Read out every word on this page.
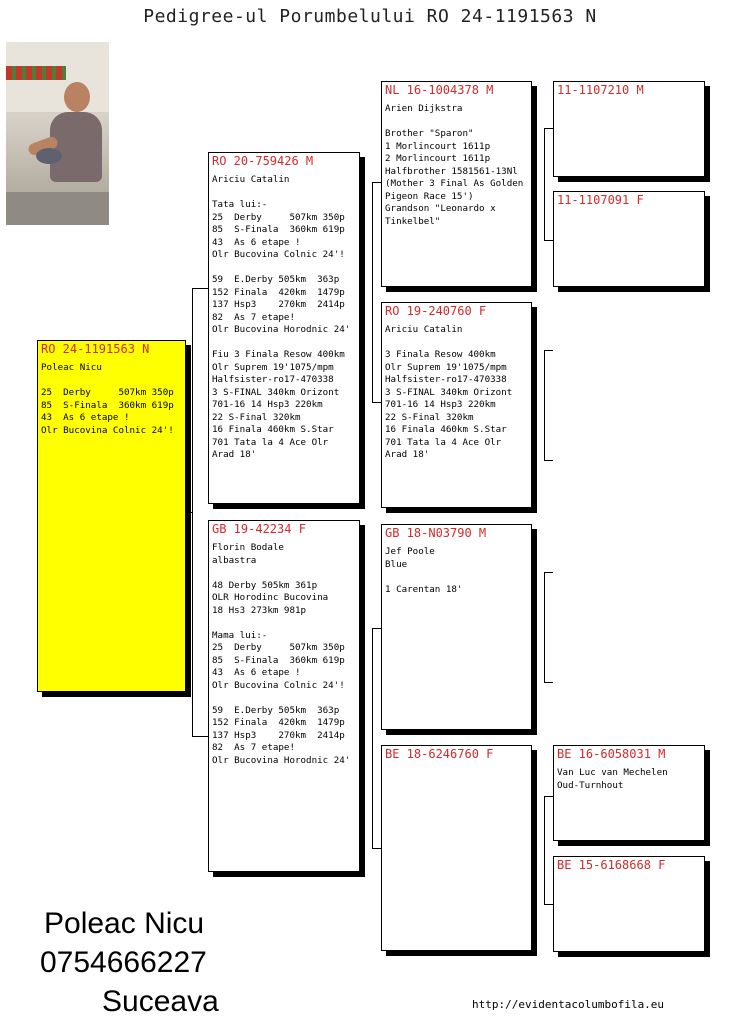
Pedigree-ul Porumbelului RO 24-1191563 N
RO 24-1191563 N
Poleac Nicu

25  Derby     507km 350p
85  S-Finala  360km 619p
43  As 6 etape !
Olr Bucovina Colnic 24'!
RO 20-759426 M
Ariciu Catalin

Tata lui:-
25  Derby     507km 350p
85  S-Finala  360km 619p
43  As 6 etape !
Olr Bucovina Colnic 24'!

59  E.Derby 505km  363p
152 Finala  420km  1479p
137 Hsp3    270km  2414p
82  As 7 etape!
Olr Bucovina Horodnic 24'

Fiu 3 Finala Resow 400km
Olr Suprem 19'1075/mpm
Halfsister-ro17-470338
3 S-FINAL 340km Orizont
701-16 14 Hsp3 220km
22 S-Final 320km
16 Finala 460km S.Star
701 Tata la 4 Ace Olr
Arad 18'
GB 19-42234 F
Florin Bodale
albastra

48 Derby 505km 361p
OLR Horodinc Bucovina
18 Hs3 273km 981p

Mama lui:-
25  Derby     507km 350p
85  S-Finala  360km 619p
43  As 6 etape !
Olr Bucovina Colnic 24'!

59  E.Derby 505km  363p
152 Finala  420km  1479p
137 Hsp3    270km  2414p
82  As 7 etape!
Olr Bucovina Horodnic 24'
NL 16-1004378 M
Arien Dijkstra

Brother "Sparon"
1 Morlincourt 1611p
2 Morlincourt 1611p
Halfbrother 1581561-13Nl
(Mother 3 Final As Golden
Pigeon Race 15')
Grandson "Leonardo x
Tinkelbel"
RO 19-240760 F
Ariciu Catalin

3 Finala Resow 400km
Olr Suprem 19'1075/mpm
Halfsister-ro17-470338
3 S-FINAL 340km Orizont
701-16 14 Hsp3 220km
22 S-Final 320km
16 Finala 460km S.Star
701 Tata la 4 Ace Olr
Arad 18'
GB 18-N03790 M
Jef Poole
Blue

1 Carentan 18'
BE 18-6246760 F
11-1107210 M
11-1107091 F
BE 16-6058031 M
Van Luc van Mechelen
Oud-Turnhout
BE 15-6168668 F
Poleac Nicu
0754666227
Suceava	http://evidentacolumbofila.eu
